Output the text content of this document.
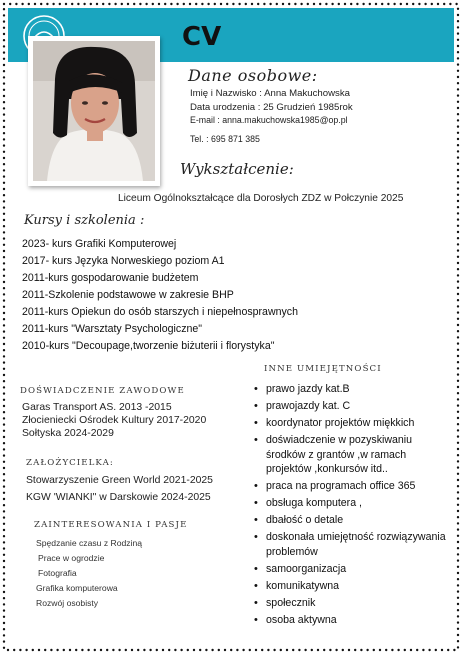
CV
Dane osobowe:
Imię i Nazwisko : Anna Makuchowska
Data urodzenia : 25 Grudzień 1985rok
E-mail : anna.makuchowska1985@op.pl
Tel. : 695 871 385
Wykształcenie:
Liceum Ogólnokształcące dla Dorosłych ZDZ w Połczynie 2025
Kursy i szkolenia :
2023- kurs Grafiki Komputerowej
2017- kurs Języka Norweskiego poziom A1
2011-kurs gospodarowanie budżetem
2011-Szkolenie podstawowe w zakresie BHP
2011-kurs Opiekun do osób starszych i niepełnosprawnych
2011-kurs "Warsztaty Psychologiczne"
2010-kurs "Decoupage,tworzenie biżuterii i florystyka"
DOŚWIADCZENIE ZAWODOWE
Garas Transport AS. 2013 -2015
Złocieniecki Ośrodek Kultury 2017-2020
Sołtyska 2024-2029
ZAŁOŻYCIELKA:
Stowarzyszenie Green World 2021-2025
KGW 'WIANKI" w Darskowie 2024-2025
ZAINTERESOWANIA I PASJE
Spędzanie czasu z Rodziną
Prace w ogrodzie
Fotografia
Grafika komputerowa
Rozwój osobisty
INNE UMIEJĘTNOŚCI
• prawo jazdy kat.B
• prawojazdy kat. C
• koordynator projektów miękkich
• doświadczenie w pozyskiwaniu środków z grantów ,w ramach projektów ,konkursów itd..
• praca na programach office 365
• obsługa komputera ,
• dbałość o detale
• doskonała umiejętność rozwiązywania problemów
• samoorganizacja
• komunikatywna
• społecznik
• osoba aktywna
